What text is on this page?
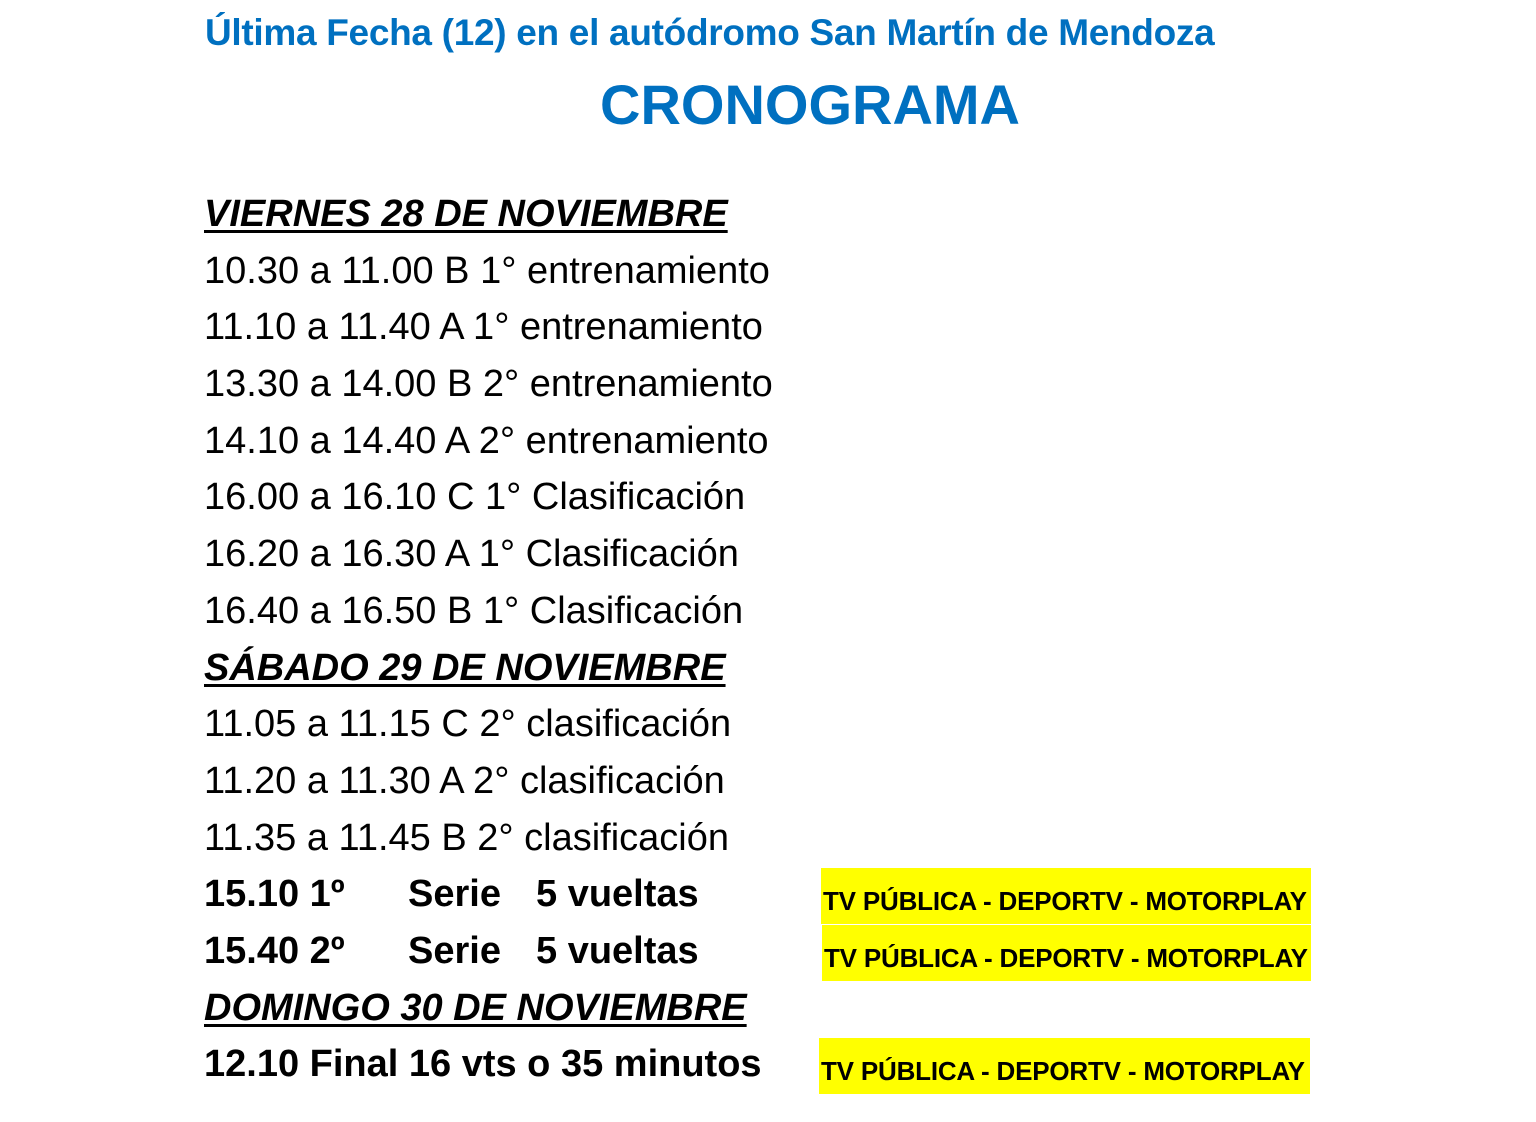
Última Fecha (12) en el autódromo San Martín de Mendoza
CRONOGRAMA
VIERNES 28 DE NOVIEMBRE
10.30 a 11.00 B 1° entrenamiento
11.10 a 11.40 A 1° entrenamiento
13.30 a 14.00 B 2° entrenamiento
14.10 a 14.40 A 2° entrenamiento
16.00 a 16.10 C 1° Clasificación
16.20 a 16.30 A 1° Clasificación
16.40 a 16.50 B 1° Clasificación
SÁBADO 29 DE NOVIEMBRE
11.05 a 11.15 C 2° clasificación
11.20 a 11.30 A 2° clasificación
11.35 a 11.45 B 2° clasificación
15.10 1º Serie 5 vueltas	TV PÚBLICA - DEPORTV - MOTORPLAY
15.40 2º Serie 5 vueltas	TV PÚBLICA - DEPORTV - MOTORPLAY
DOMINGO 30 DE NOVIEMBRE
12.10 Final 16 vts o 35 minutos TV PÚBLICA - DEPORTV - MOTORPLAY
